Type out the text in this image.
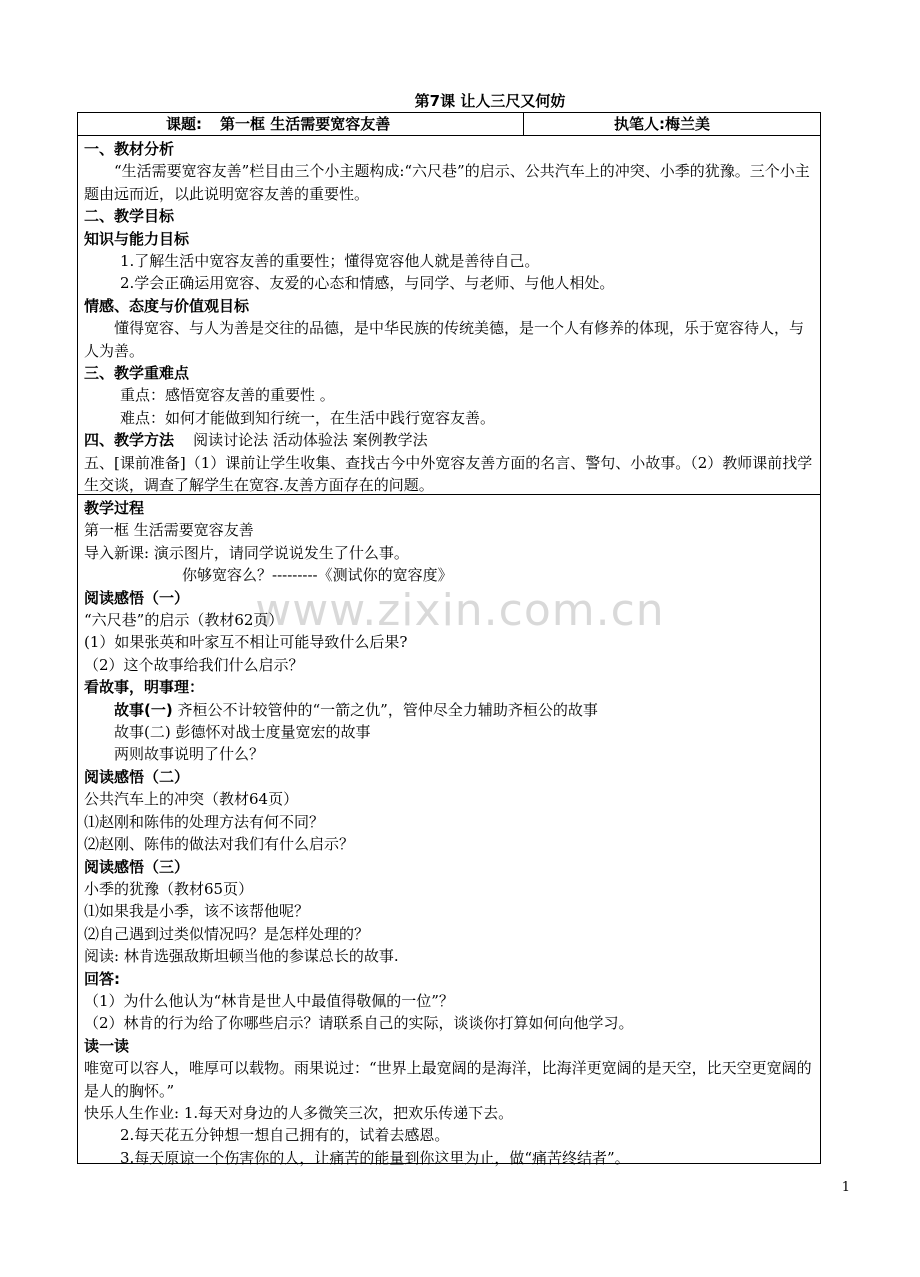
第7课 让人三尺又何妨
www.zixin.com.cn
课题: 第一框 生活需要宽容友善	执笔人:梅兰美

一、教材分析

“生活需要宽容友善”栏目由三个小主题构成:“六尺巷”的启示、公共汽车上的冲突、小季的犹豫。三个小主题由远而近，以此说明宽容友善的重要性。

二、教学目标

知识与能力目标

1.了解生活中宽容友善的重要性；懂得宽容他人就是善待自己。

2.学会正确运用宽容、友爱的心态和情感，与同学、与老师、与他人相处。

情感、态度与价值观目标

懂得宽容、与人为善是交往的品德，是中华民族的传统美德，是一个人有修养的体现，乐于宽容待人，与人为善。

三、教学重难点

重点：感悟宽容友善的重要性 。

难点：如何才能做到知行统一，在生活中践行宽容友善。

四、教学方法 阅读讨论法 活动体验法 案例教学法

五、[课前准备]（1）课前让学生收集、查找古今中外宽容友善方面的名言、警句、小故事。（2）教师课前找学生交谈，调查了解学生在宽容.友善方面存在的问题。

教学过程

第一框 生活需要宽容友善

导入新课: 演示图片，请同学说说发生了什么事。

你够宽容么？---------《测试你的宽容度》

阅读感悟（一）

“六尺巷”的启示（教材62页）

(1）如果张英和叶家互不相让可能导致什么后果?

（2）这个故事给我们什么启示？

看故事，明事理：

故事(一) 齐桓公不计较管仲的“一箭之仇”，管仲尽全力辅助齐桓公的故事

故事(二) 彭德怀对战士度量宽宏的故事

两则故事说明了什么？

阅读感悟（二）

公共汽车上的冲突（教材64页）

⑴赵刚和陈伟的处理方法有何不同？

⑵赵刚、陈伟的做法对我们有什么启示？

阅读感悟（三）

小季的犹豫（教材65页）

⑴如果我是小季，该不该帮他呢？

⑵自己遇到过类似情况吗？是怎样处理的？

阅读: 林肯选强敌斯坦顿当他的参谋总长的故事.

回答:

（1）为什么他认为“林肯是世人中最值得敬佩的一位”？

（2）林肯的行为给了你哪些启示？请联系自己的实际，谈谈你打算如何向他学习。

读一读

唯宽可以容人，唯厚可以载物。雨果说过：“世界上最宽阔的是海洋，比海洋更宽阔的是天空，比天空更宽阔的是人的胸怀。”

快乐人生作业: 1.每天对身边的人多微笑三次，把欢乐传递下去。

2.每天花五分钟想一想自己拥有的，试着去感恩。

3.每天原谅一个伤害你的人，让痛苦的能量到你这里为止，做“痛苦终结者”。

1
